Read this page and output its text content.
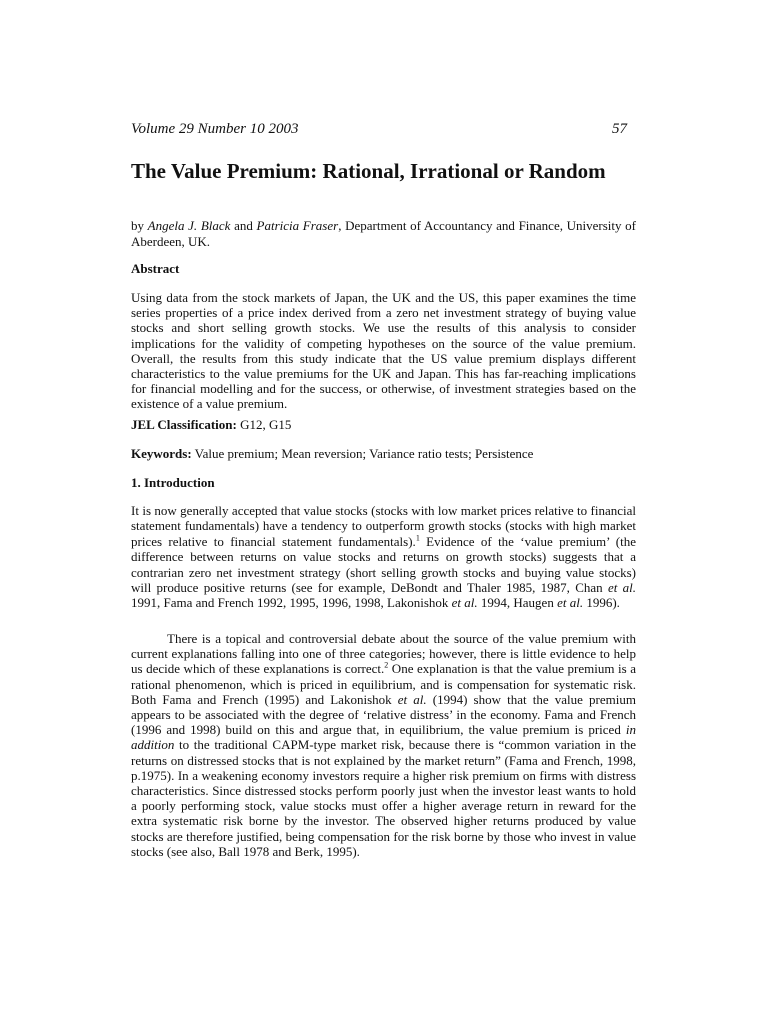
Volume 29 Number 10 2003	57
The Value Premium: Rational, Irrational or Random

by Angela J. Black and Patricia Fraser, Department of Accountancy and Finance, University of Aberdeen, UK.

Abstract

Using data from the stock markets of Japan, the UK and the US, this paper examines the time series properties of a price index derived from a zero net investment strategy of buying value stocks and short selling growth stocks. We use the results of this analysis to consider implications for the validity of competing hypotheses on the source of the value premium. Overall, the results from this study indicate that the US value premium displays different characteristics to the value premiums for the UK and Japan. This has far-reaching implications for financial modelling and for the success, or otherwise, of investment strategies based on the existence of a value premium.

JEL Classification: G12, G15

Keywords: Value premium; Mean reversion; Variance ratio tests; Persistence

1. Introduction

It is now generally accepted that value stocks (stocks with low market prices relative to financial statement fundamentals) have a tendency to outperform growth stocks (stocks with high market prices relative to financial statement fundamentals).$^1$ Evidence of the ‘value premium’ (the difference between returns on value stocks and returns on growth stocks) suggests that a contrarian zero net investment strategy (short selling growth stocks and buying value stocks) will produce positive returns (see for example, DeBondt and Thaler 1985, 1987, Chan et al. 1991, Fama and French 1992, 1995, 1996, 1998, Lakonishok et al. 1994, Haugen et al. 1996).

There is a topical and controversial debate about the source of the value premium with current explanations falling into one of three categories; however, there is little evidence to help us decide which of these explanations is correct.$^2$ One explanation is that the value premium is a rational phenomenon, which is priced in equilibrium, and is compensation for systematic risk. Both Fama and French (1995) and Lakonishok et al. (1994) show that the value premium appears to be associated with the degree of ‘relative distress’ in the economy. Fama and French (1996 and 1998) build on this and argue that, in equilibrium, the value premium is priced in addition to the traditional CAPM-type market risk, because there is “common variation in the returns on distressed stocks that is not explained by the market return” (Fama and French, 1998, p.1975). In a weakening economy investors require a higher risk premium on firms with distress characteristics. Since distressed stocks perform poorly just when the investor least wants to hold a poorly performing stock, value stocks must offer a higher average return in reward for the extra systematic risk borne by the investor. The observed higher returns produced by value stocks are therefore justified, being compensation for the risk borne by those who invest in value stocks (see also, Ball 1978 and Berk, 1995).
